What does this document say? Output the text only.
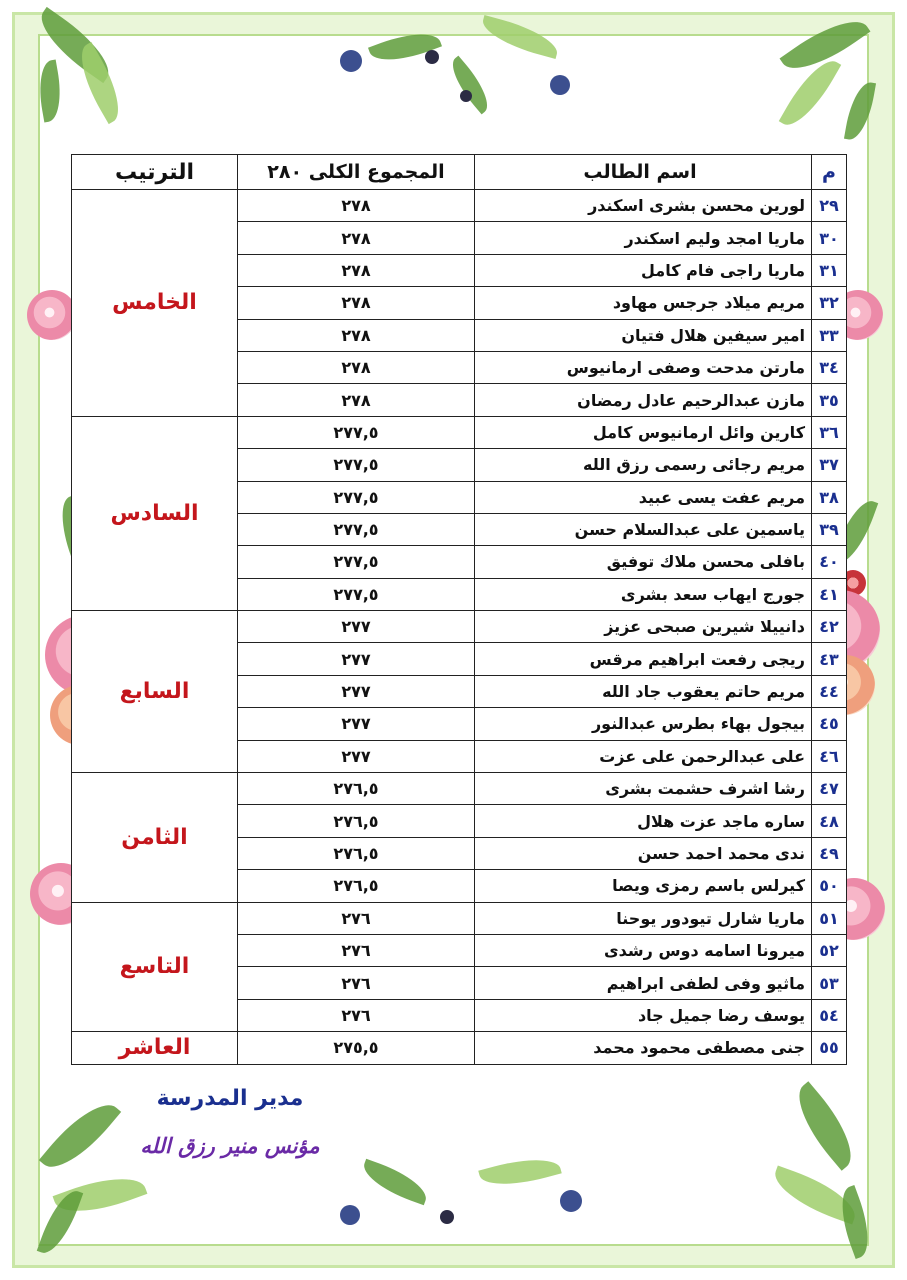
م	اسم الطالب	المجموع الكلى ٢٨٠	الترتيب
٢٩	لورين محسن بشرى اسكندر	٢٧٨	الخامس
٣٠	ماريا امجد وليم اسكندر	٢٧٨	
٣١	ماريا راجى فام كامل	٢٧٨	
٣٢	مريم ميلاد جرجس مهاود	٢٧٨	
٣٣	امير سيفين هلال فتيان	٢٧٨	
٣٤	مارتن مدحت وصفى ارمانيوس	٢٧٨	
٣٥	مازن عبدالرحيم عادل رمضان	٢٧٨	
٣٦	كارين وائل ارمانيوس كامل	٢٧٧,٥	السادس
٣٧	مريم رجائى رسمى رزق الله	٢٧٧,٥	
٣٨	مريم عفت يسى عبيد	٢٧٧,٥	
٣٩	ياسمين على عبدالسلام حسن	٢٧٧,٥	
٤٠	بافلى محسن ملاك توفيق	٢٧٧,٥	
٤١	جورج ايهاب سعد بشرى	٢٧٧,٥	
٤٢	دانييلا شيرين صبحى عزيز	٢٧٧	السابع
٤٣	ريجى رفعت ابراهيم مرقس	٢٧٧	
٤٤	مريم حاتم يعقوب جاد الله	٢٧٧	
٤٥	بيجول بهاء بطرس عبدالنور	٢٧٧	
٤٦	على عبدالرحمن على عزت	٢٧٧	
٤٧	رشا اشرف حشمت بشرى	٢٧٦,٥	الثامن
٤٨	ساره ماجد عزت هلال	٢٧٦,٥	
٤٩	ندى محمد احمد حسن	٢٧٦,٥	
٥٠	كيرلس باسم رمزى ويصا	٢٧٦,٥	
٥١	ماريا شارل تيودور يوحنا	٢٧٦	التاسع
٥٢	ميرونا اسامه دوس رشدى	٢٧٦	
٥٣	ماثيو وفى لطفى ابراهيم	٢٧٦	
٥٤	يوسف رضا جميل جاد	٢٧٦	
٥٥	جنى مصطفى محمود محمد	٢٧٥,٥	العاشر
مدير المدرسة
مؤنس منير رزق الله
